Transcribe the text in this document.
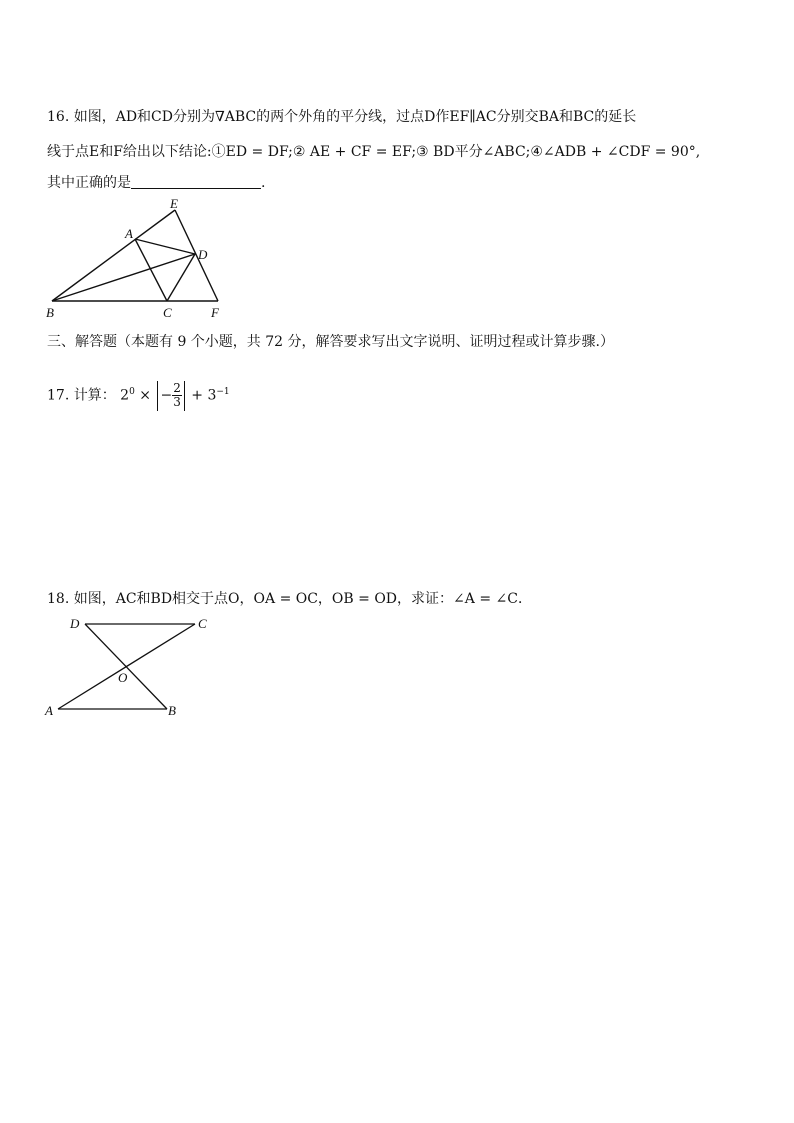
16. 如图，AD和CD分别为∇ABC的两个外角的平分线，过点D作EF∥AC分别交BA和BC的延长
线于点E和F给出以下结论:①ED = DF;② AE + CF = EF;③ BD平分∠ABC;④∠ADB + ∠CDF = 90°,
其中正确的是	.
E
A
D
B	C	F
三、解答题（本题有 9 个小题，共 72 分，解答要求写出文字说明、证明过程或计算步骤.）
17. 计算： $2^0$ × − $\frac{2}{3} + 3^{-1}$
18. 如图，AC和BD相交于点O，OA = OC，OB = OD，求证：∠A = ∠C．
D	C
O
A	B
